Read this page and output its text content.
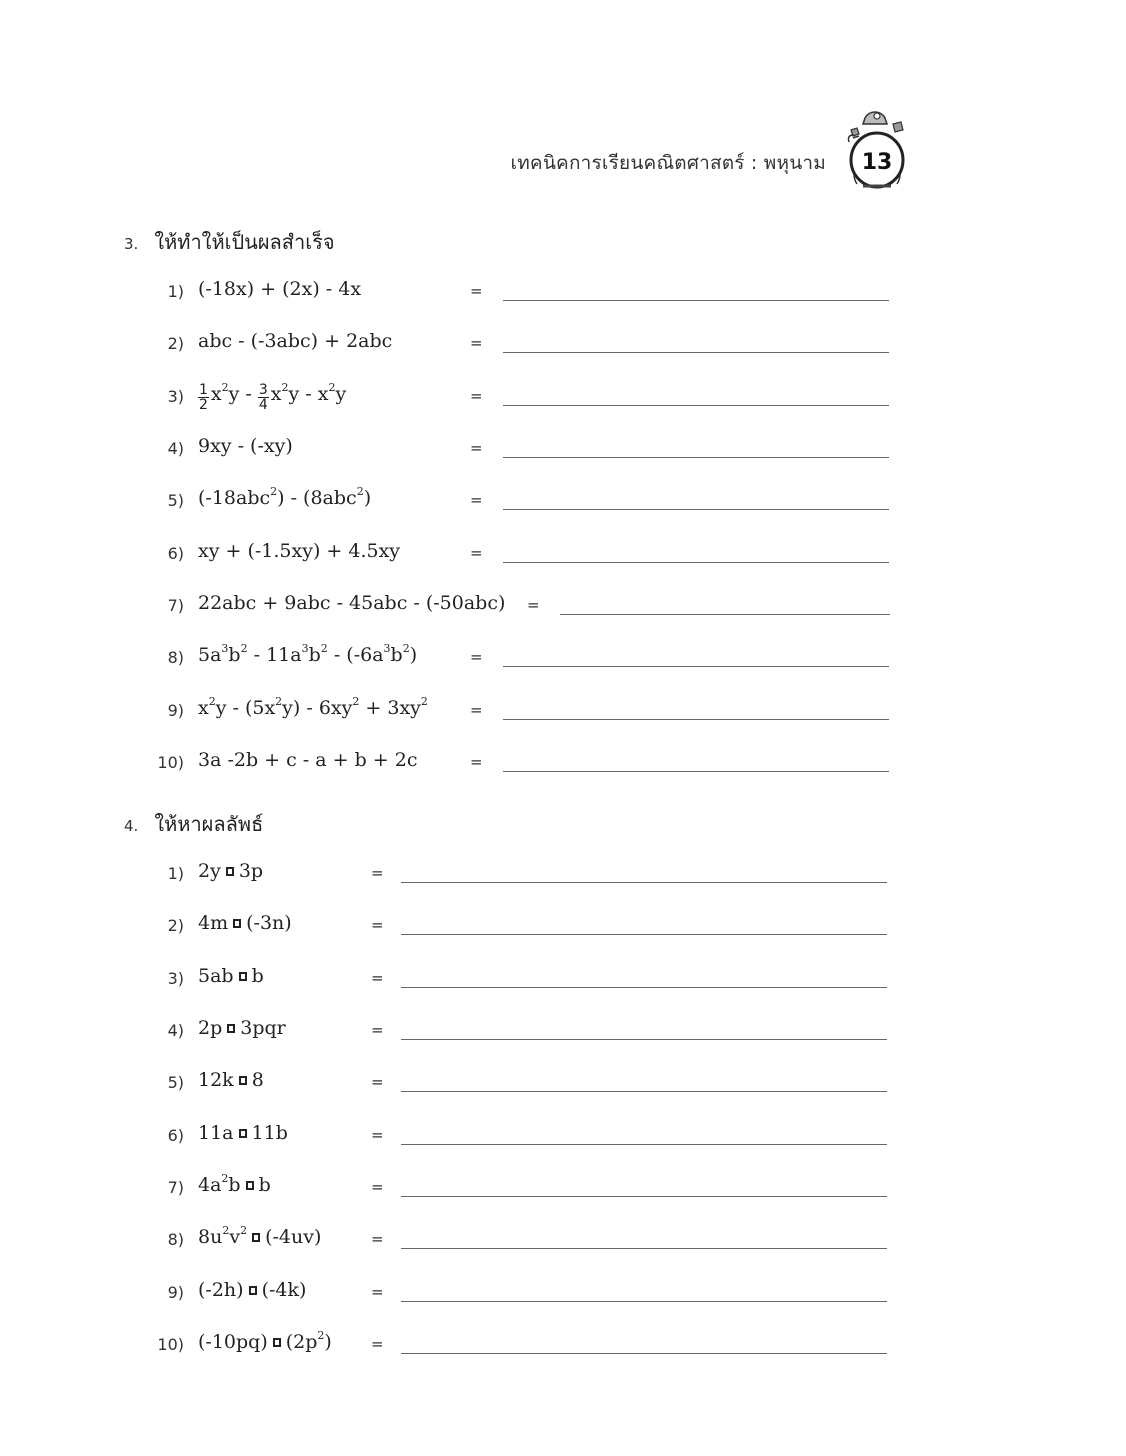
เทคนิคการเรียนคณิตศาสตร์ : พหุนาม 13
3. ให้ทำให้เป็นผลสำเร็จ
1) (-18x) + (2x) - 4x	=
2) abc - (-3abc) + 2abc	=
$3) \frac{1}{2} x^2y - \frac{3}{4} x^2y - x^2y$	=
4) 9xy - (-xy)	=
5) (-18abc$^2$) - (8abc$^2$)	=
6) xy + (-1.5xy) + 4.5xy	=
7) 22abc + 9abc - 45abc - (-50abc) =
8) $5a^3b^2 - 11a^3b^2 - (-6a^3b^2)$	=
9) $x^2y - (5x^2y) - 6xy^2 + 3xy^2$	=
10) 3a -2b + c - a + b + 2c	=
4. ให้หาผลลัพธ์
1) 2y 3p	=
2) 4m (-3n)	=
3) 5ab b	=
4) 2p 3pqr	=
5) 12k 8	=
6) 11a 11b	=
7) $4a^2b$ b	=
8) $8u^2v^2$ (-4uv)	=
9) (-2h) (-4k)	=
10) (-10pq) $(2p^2)$	=
